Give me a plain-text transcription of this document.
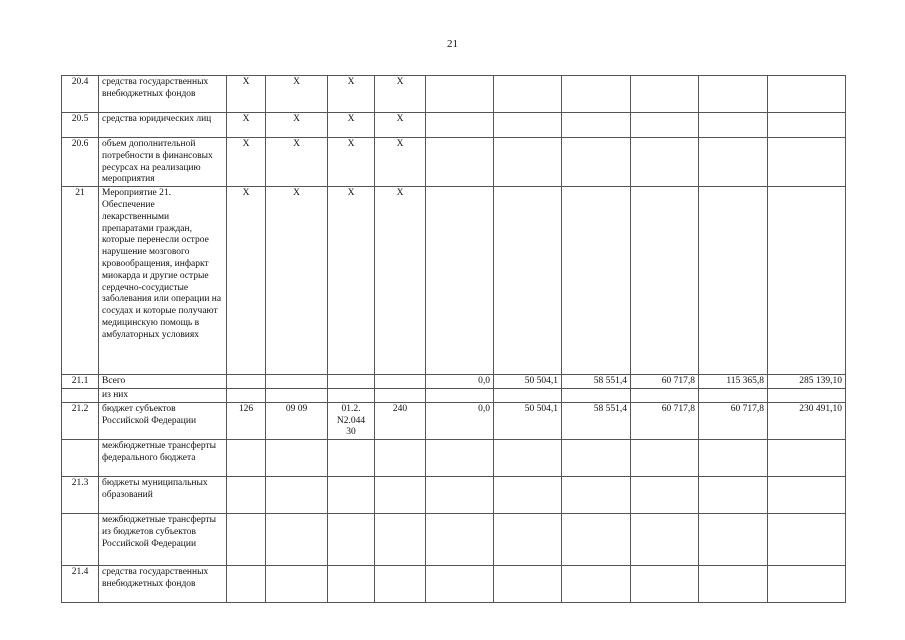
21
20.4	средства государственных внебюджетных фондов	X	X	X	X						
20.5	средства юридических лиц	X	X	X	X						
20.6	объем дополнительной потребности в финансовых ресурсах на реализацию мероприятия	X	X	X	X						
21	Мероприятие 21. Обеспечение лекарственными препаратами граждан, которые перенесли острое нарушение мозгового кровообращения, инфаркт миокарда и другие острые сердечно-сосудистые заболевания или операции на сосудах и которые получают медицинскую помощь в амбулаторных условиях	X	X	X	X						
21.1	Всего					0,0	50 504,1	58 551,4	60 717,8	115 365,8	285 139,10
	из них										
21.2	бюджет субъектов Российской Федерации	126	09 09	01.2. N2.044 30	240	0,0	50 504,1	58 551,4	60 717,8	60 717,8	230 491,10
	межбюджетные трансферты федерального бюджета										
21.3	бюджеты муниципальных образований										
	межбюджетные трансферты из бюджетов субъектов Российской Федерации										
21.4	средства государственных внебюджетных фондов										
